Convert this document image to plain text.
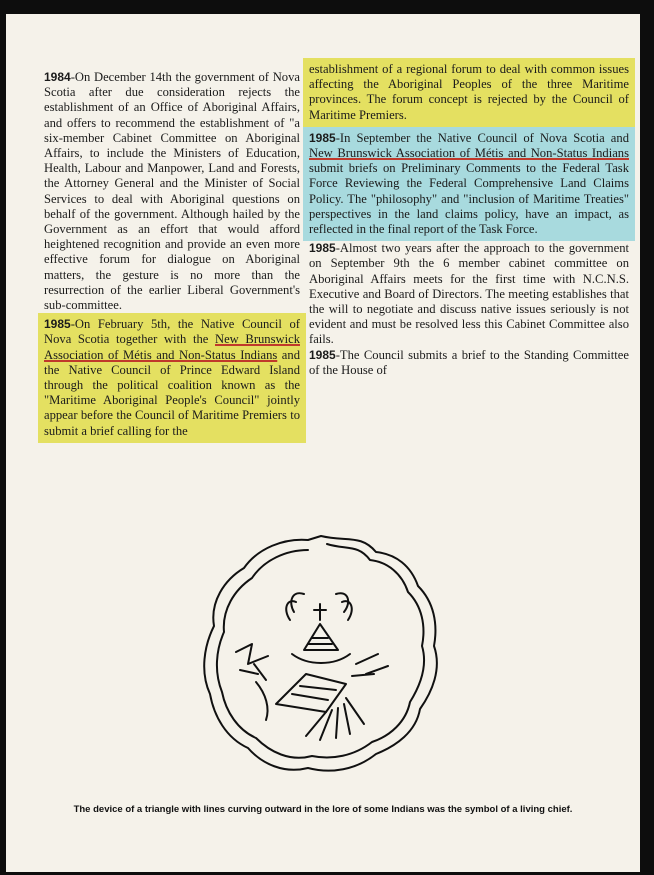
1984-On December 14th the government of Nova Scotia after due consideration rejects the establishment of an Office of Aboriginal Affairs, and offers to recommend the establishment of "a six-member Cabinet Committee on Aboriginal Affairs, to include the Ministers of Education, Health, Labour and Manpower, Land and Forests, the Attorney General and the Minister of Social Services to deal with Aboriginal questions on behalf of the government. Although hailed by the Government as an effort that would afford heightened recognition and provide an even more effective forum for dialogue on Aboriginal matters, the gesture is no more than the resurrection of the earlier Liberal Government's sub-committee.

1985-On February 5th, the Native Council of Nova Scotia together with the New Brunswick Association of Métis and Non-Status Indians and the Native Council of Prince Edward Island through the political coalition known as the "Maritime Aboriginal People's Council" jointly appear before the Council of Maritime Premiers to submit a brief calling for the

establishment of a regional forum to deal with common issues affecting the Aboriginal Peoples of the three Maritime provinces. The forum concept is rejected by the Council of Maritime Premiers.

1985-In September the Native Council of Nova Scotia and New Brunswick Association of Métis and Non-Status Indians submit briefs on Preliminary Comments to the Federal Task Force Reviewing the Federal Comprehensive Land Claims Policy. The "philosophy" and "inclusion of Maritime Treaties" perspectives in the land claims policy, have an impact, as reflected in the final report of the Task Force.

1985-Almost two years after the approach to the government on September 9th the 6 member cabinet committee on Aboriginal Affairs meets for the first time with N.C.N.S. Executive and Board of Directors. The meeting establishes that the will to negotiate and discuss native issues seriously is not evident and must be resolved less this Cabinet Committee also fails.

1985-The Council submits a brief to the Standing Committee of the House of

The device of a triangle with lines curving outward in the lore of some Indians was the symbol of a living chief.
